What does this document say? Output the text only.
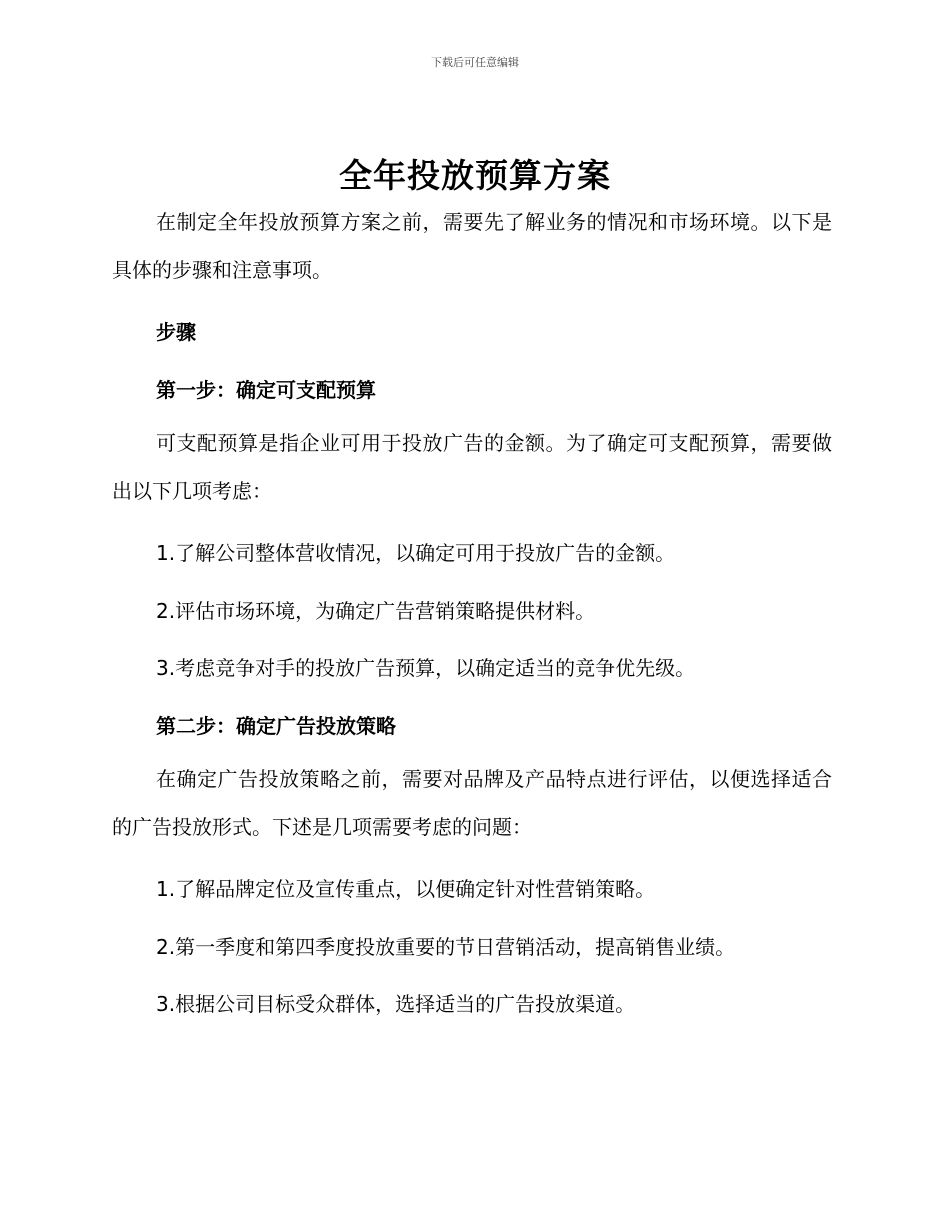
下载后可任意编辑
全年投放预算方案

在制定全年投放预算方案之前，需要先了解业务的情况和市场环境。以下是具体的步骤和注意事项。

步骤

第一步：确定可支配预算

可支配预算是指企业可用于投放广告的金额。为了确定可支配预算，需要做出以下几项考虑：

1.了解公司整体营收情况，以确定可用于投放广告的金额。

2.评估市场环境，为确定广告营销策略提供材料。

3.考虑竞争对手的投放广告预算，以确定适当的竞争优先级。

第二步：确定广告投放策略

在确定广告投放策略之前，需要对品牌及产品特点进行评估，以便选择适合的广告投放形式。下述是几项需要考虑的问题：

1.了解品牌定位及宣传重点，以便确定针对性营销策略。

2.第一季度和第四季度投放重要的节日营销活动，提高销售业绩。

3.根据公司目标受众群体，选择适当的广告投放渠道。
